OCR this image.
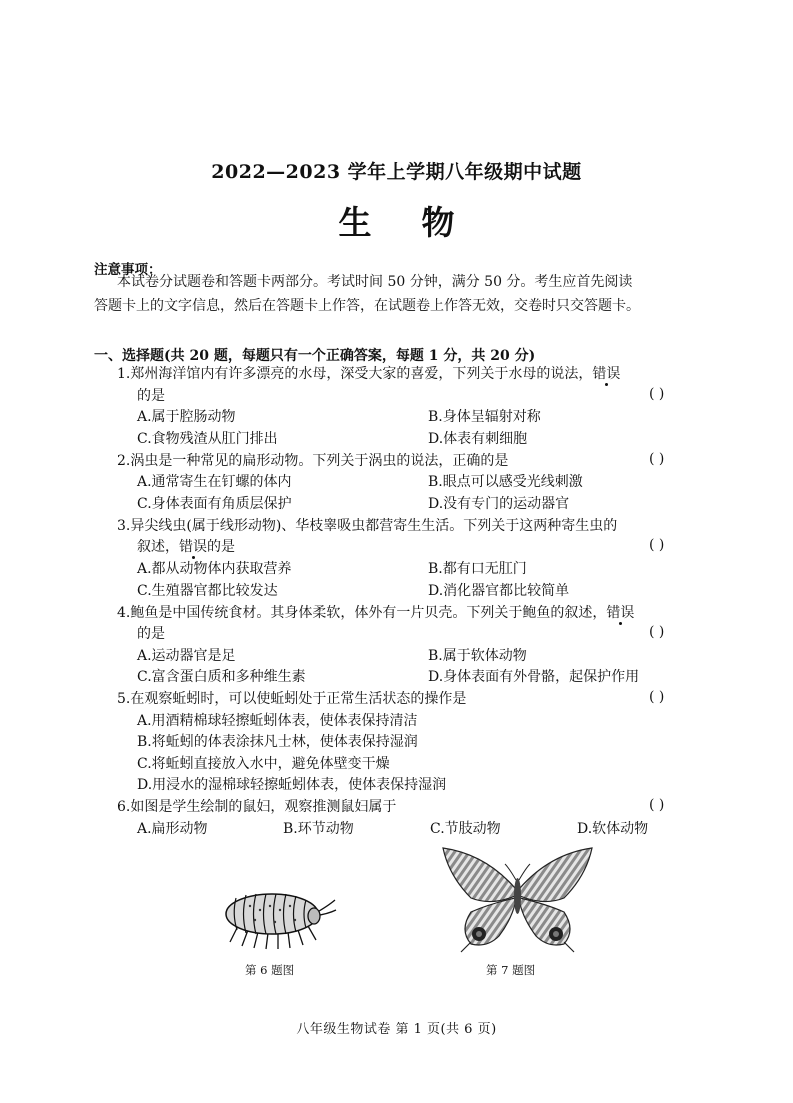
2022—2023 学年上学期八年级期中试题
生物
注意事项：
本试卷分试题卷和答题卡两部分。考试时间 50 分钟，满分 50 分。考生应首先阅读
答题卡上的文字信息，然后在答题卡上作答，在试题卷上作答无效，交卷时只交答题卡。
一、选择题(共 20 题，每题只有一个正确答案，每题 1 分，共 20 分)
1.郑州海洋馆内有许多漂亮的水母，深受大家的喜爱，下列关于水母的说法，错误
的是	( )
A.属于腔肠动物	B.身体呈辐射对称
C.食物残渣从肛门排出	D.体表有刺细胞
2.涡虫是一种常见的扁形动物。下列关于涡虫的说法，正确的是	( )
A.通常寄生在钉螺的体内	B.眼点可以感受光线刺激
C.身体表面有角质层保护	D.没有专门的运动器官
3.异尖线虫(属于线形动物)、华枝睾吸虫都营寄生生活。下列关于这两种寄生虫的
叙述，错误的是	( )
A.都从动物体内获取营养	B.都有口无肛门
C.生殖器官都比较发达	D.消化器官都比较简单
4.鲍鱼是中国传统食材。其身体柔软，体外有一片贝壳。下列关于鲍鱼的叙述，错误
的是	( )
A.运动器官是足	B.属于软体动物
C.富含蛋白质和多种维生素	D.身体表面有外骨骼，起保护作用
5.在观察蚯蚓时，可以使蚯蚓处于正常生活状态的操作是	( )
A.用酒精棉球轻擦蚯蚓体表，使体表保持清洁
B.将蚯蚓的体表涂抹凡士林，使体表保持湿润
C.将蚯蚓直接放入水中，避免体壁变干燥
D.用浸水的湿棉球轻擦蚯蚓体表，使体表保持湿润
6.如图是学生绘制的鼠妇，观察推测鼠妇属于	( )
A.扁形动物	B.环节动物	C.节肢动物	D.软体动物
第 6 题图	第 7 题图
八年级生物试卷 第 1 页(共 6 页)
